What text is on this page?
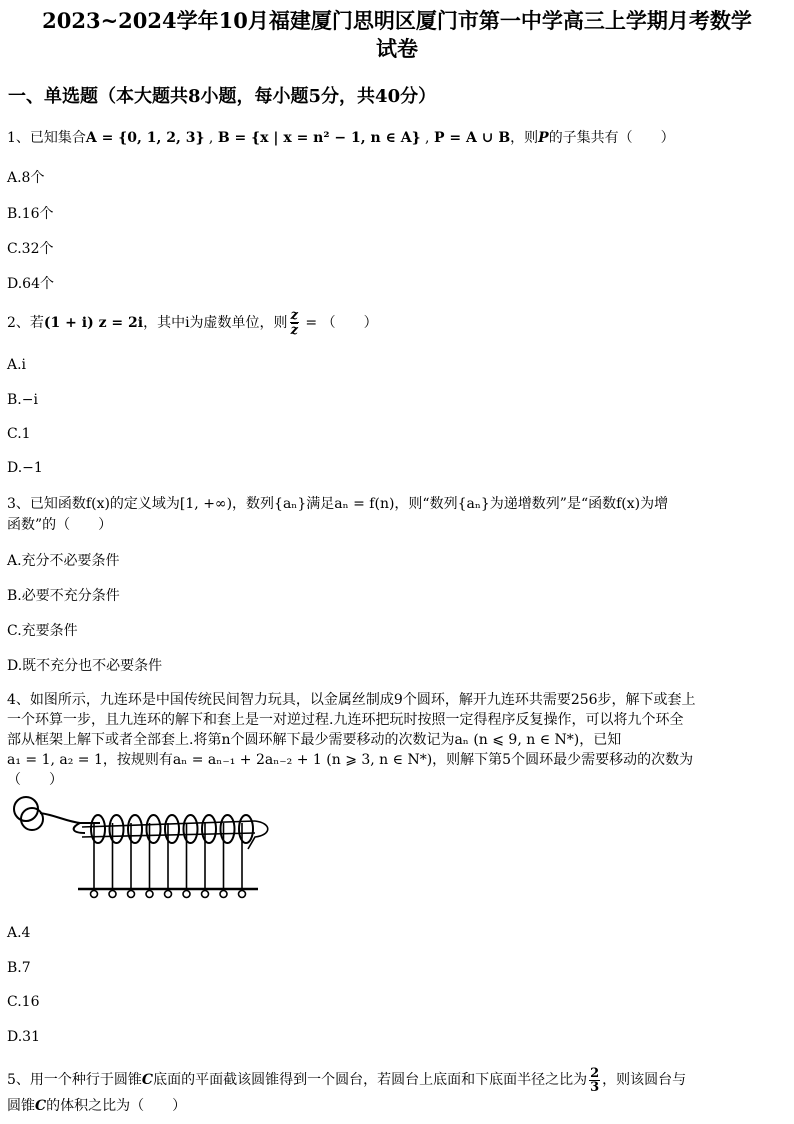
2023~2024学年10月福建厦门思明区厦门市第一中学高三上学期月考数学
试卷
一、单选题（本大题共8小题，每小题5分，共40分）
1、已知集合A = {0, 1, 2, 3} , B = {x | x = n² − 1, n ∈ A} , P = A ∪ B，则P的子集共有（　　）
A.8个
B.16个
C.32个
D.64个
2、若(1 + i) z = 2i，其中i为虚数单位，则 $\frac{z}{z}$ = （　　）
A.i
B.−i
C.1
D.−1
3、已知函数f(x)的定义域为[1, +∞)，数列{aₙ}满足aₙ = f(n)，则“数列{aₙ}为递增数列”是“函数f(x)为增
函数”的（　　）
A.充分不必要条件
B.必要不充分条件
C.充要条件
D.既不充分也不必要条件
4、如图所示，九连环是中国传统民间智力玩具，以金属丝制成9个圆环，解开九连环共需要256步，解下或套上
一个环算一步，且九连环的解下和套上是一对逆过程.九连环把玩时按照一定得程序反复操作，可以将九个环全
部从框架上解下或者全部套上.将第n个圆环解下最少需要移动的次数记为aₙ (n ⩽ 9, n ∈ N*)，已知
a₁ = 1, a₂ = 1，按规则有aₙ = aₙ₋₁ + 2aₙ₋₂ + 1 (n ⩾ 3, n ∈ N*)，则解下第5个圆环最少需要移动的次数为
（　　）
A.4
B.7
C.16
D.31
5、用一个种行于圆锥C底面的平面截该圆锥得到一个圆台，若圆台上底面和下底面半径之比为 $\frac{2}{3}$ ，则该圆台与
圆锥C的体积之比为（　　）
